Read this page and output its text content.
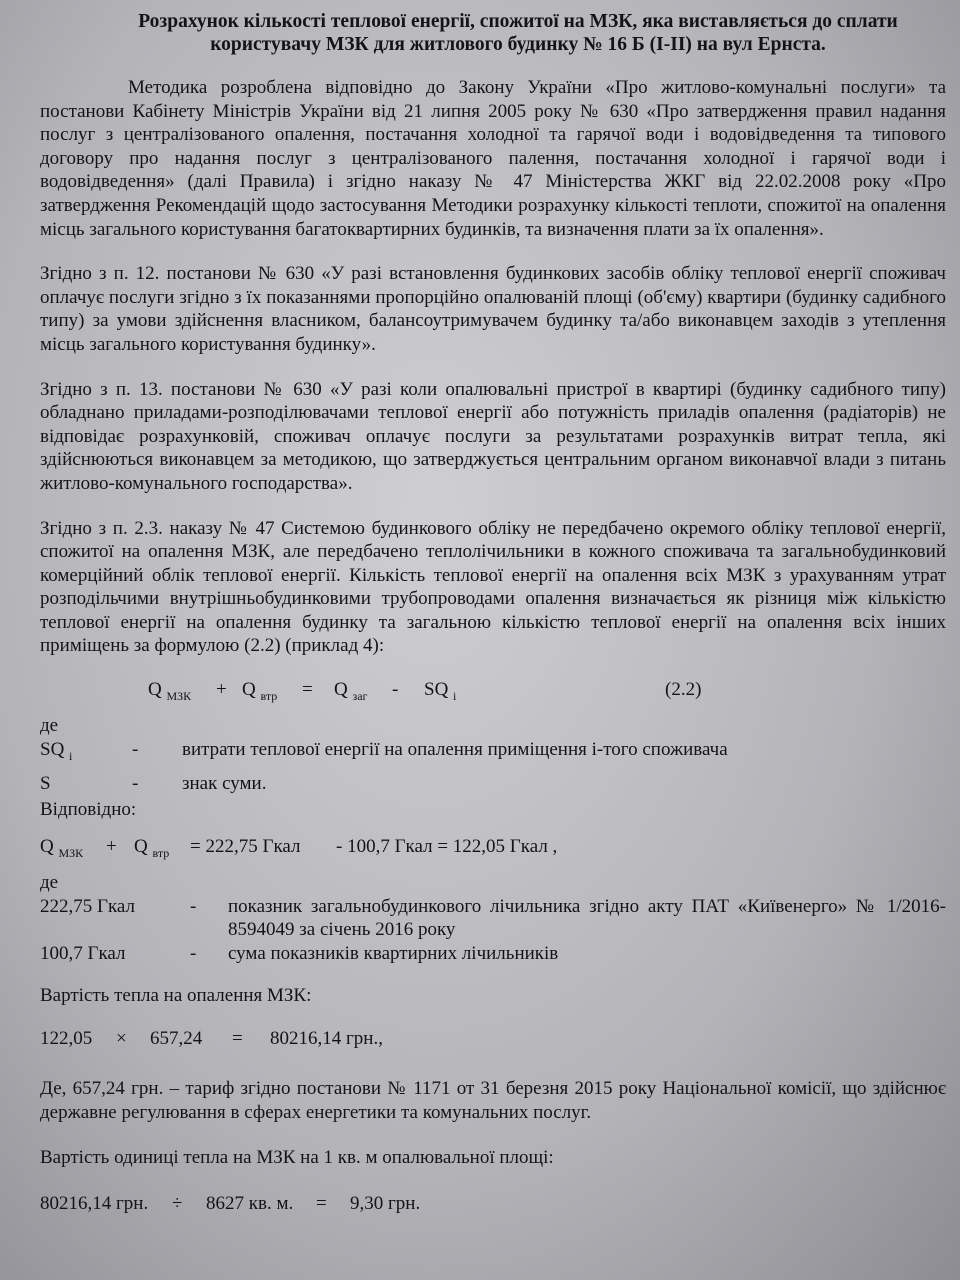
Розрахунок кількості теплової енергії, спожитої на МЗК, яка виставляється до сплати
користувачу МЗК для житлового будинку № 16 Б (І-ІІ) на вул Ернста.

Методика розроблена відповідно до Закону України «Про житлово-комунальні послуги» та постанови Кабінету Міністрів України від 21 липня 2005 року № 630 «Про затвердження правил надання послуг з централізованого опалення, постачання холодної та гарячої води і водовідведення та типового договору про надання послуг з централізованого палення, постачання холодної і гарячої води і водовідведення» (далі Правила) і згідно наказу № 47 Міністерства ЖКГ від 22.02.2008 року «Про затвердження Рекомендацій щодо застосування Методики розрахунку кількості теплоти, спожитої на опалення місць загального користування багатоквартирних будинків, та визначення плати за їх опалення».

Згідно з п. 12. постанови № 630 «У разі встановлення будинкових засобів обліку теплової енергії споживач оплачує послуги згідно з їх показаннями пропорційно опалюваній площі (об'єму) квартири (будинку садибного типу) за умови здійснення власником, балансоутримувачем будинку та/або виконавцем заходів з утеплення місць загального користування будинку».

Згідно з п. 13. постанови № 630 «У разі коли опалювальні пристрої в квартирі (будинку садибного типу) обладнано приладами-розподілювачами теплової енергії або потужність приладів опалення (радіаторів) не відповідає розрахунковій, споживач оплачує послуги за результатами розрахунків витрат тепла, які здійснюються виконавцем за методикою, що затверджується центральним органом виконавчої влади з питань житлово-комунального господарства».

Згідно з п. 2.3. наказу № 47 Системою будинкового обліку не передбачено окремого обліку теплової енергії, спожитої на опалення МЗК, але передбачено теплолічильники в кожного споживача та загальнобудинковий комерційний облік теплової енергії. Кількість теплової енергії на опалення всіх МЗК з урахуванням утрат розподільчими внутрішньобудинковими трубопроводами опалення визначається як різниця між кількістю теплової енергії на опалення будинку та загальною кількістю теплової енергії на опалення всіх інших приміщень за формулою (2.2) (приклад 4):

Q $_{МЗК}$ + Q $_{втр}$ = Q $_{заг}$ - SQ $_i$	(2.2)
де
SQ $_i$	- витрати теплової енергії на опалення приміщення і-того споживача
S	- знак суми.
Відповідно:
Q $_{МЗК}$ + Q $_{втр}$ = 222,75 Гкал - 100,7 Гкал = 122,05 Гкал ,
де
222,75 Гкал	- показник загальнобудинкового лічильника згідно акту ПАТ «Київенерго» № 1/2016-8594049 за січень 2016 року
100,7 Гкал	- сума показників квартирних лічильників
Вартість тепла на опалення МЗК:
122,05 × 657,24 = 80216,14 грн.,

Де, 657,24 грн. – тариф згідно постанови № 1171 от 31 березня 2015 року Національної комісії, що здійснює державне регулювання в сферах енергетики та комунальних послуг.

Вартість одиниці тепла на МЗК на 1 кв. м опалювальної площі:
80216,14 грн. ÷ 8627 кв. м. = 9,30 грн.
